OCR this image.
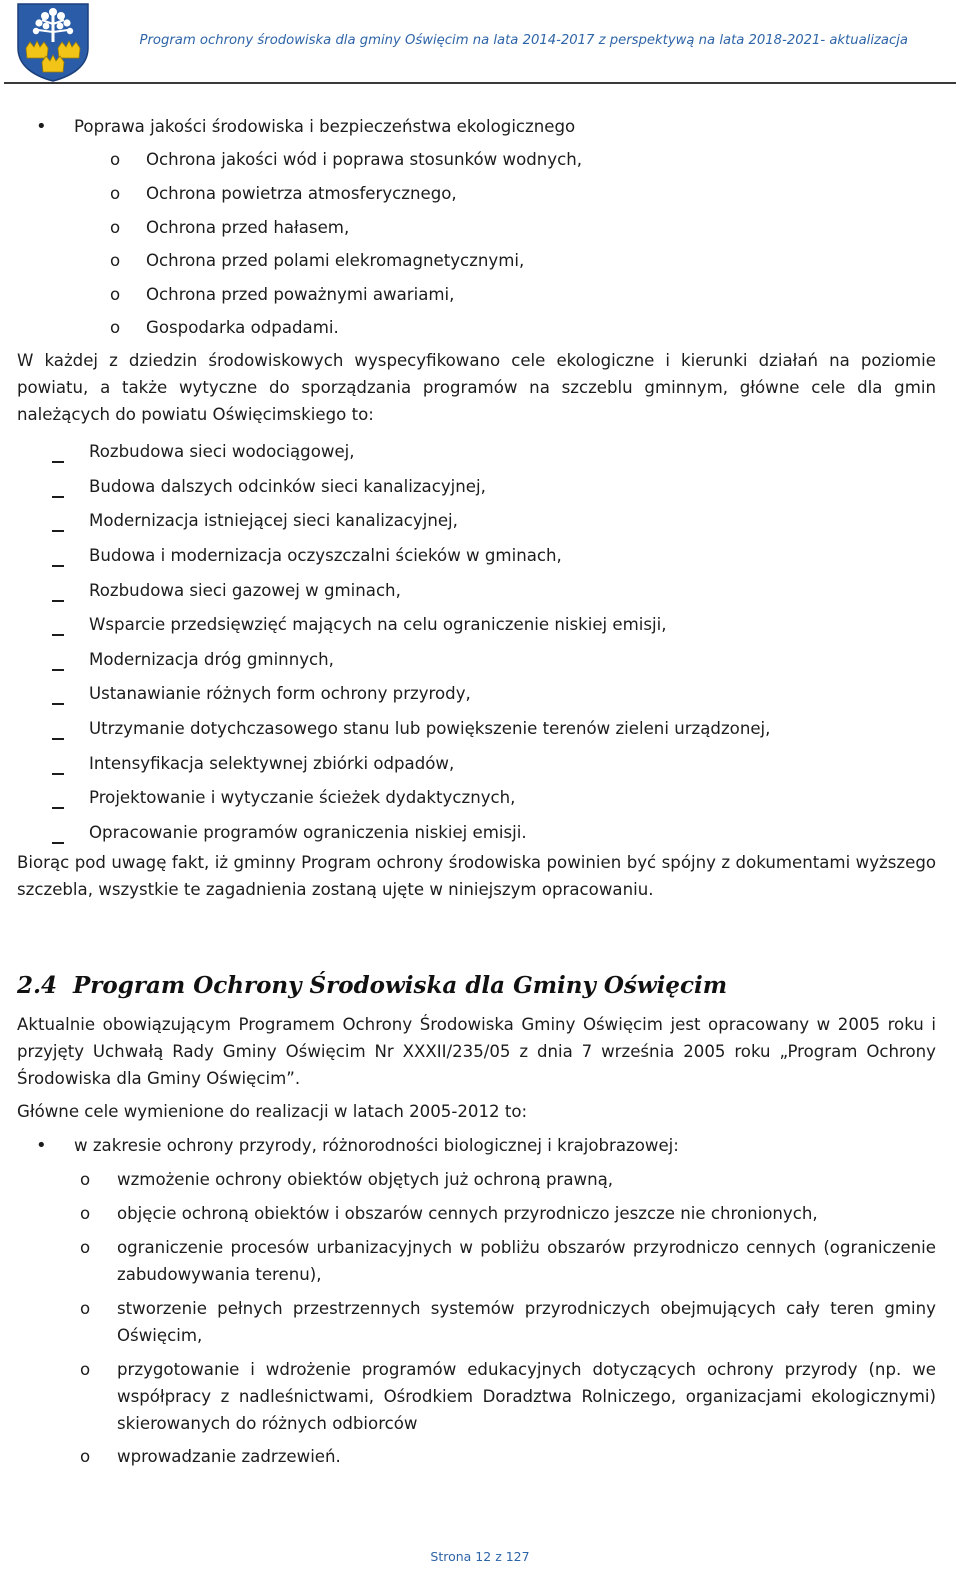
Program ochrony środowiska dla gminy Oświęcim na lata 2014-2017 z perspektywą na lata 2018-2021- aktualizacja
• Poprawa jakości środowiska i bezpieczeństwa ekologicznego
o Ochrona jakości wód i poprawa stosunków wodnych,
o Ochrona powietrza atmosferycznego,
o Ochrona przed hałasem,
o Ochrona przed polami elekromagnetycznymi,
o Ochrona przed poważnymi awariami,
o Gospodarka odpadami.
W każdej z dziedzin środowiskowych wyspecyfikowano cele ekologiczne i kierunki działań na poziomie powiatu, a także wytyczne do sporządzania programów na szczeblu gminnym, główne cele dla gmin należących do powiatu Oświęcimskiego to:
Rozbudowa sieci wodociągowej,
Budowa dalszych odcinków sieci kanalizacyjnej,
Modernizacja istniejącej sieci kanalizacyjnej,
Budowa i modernizacja oczyszczalni ścieków w gminach,
Rozbudowa sieci gazowej w gminach,
Wsparcie przedsięwzięć mających na celu ograniczenie niskiej emisji,
Modernizacja dróg gminnych,
Ustanawianie różnych form ochrony przyrody,
Utrzymanie dotychczasowego stanu lub powiększenie terenów zieleni urządzonej,
Intensyfikacja selektywnej zbiórki odpadów,
Projektowanie i wytyczanie ścieżek dydaktycznych,
Opracowanie programów ograniczenia niskiej emisji.
Biorąc pod uwagę fakt, iż gminny Program ochrony środowiska powinien być spójny z dokumentami wyższego szczebla, wszystkie te zagadnienia zostaną ujęte w niniejszym opracowaniu.
2.4 Program Ochrony Środowiska dla Gminy Oświęcim
Aktualnie obowiązującym Programem Ochrony Środowiska Gminy Oświęcim jest opracowany w 2005 roku i przyjęty Uchwałą Rady Gminy Oświęcim Nr XXXII/235/05 z dnia 7 września 2005 roku „Program Ochrony Środowiska dla Gminy Oświęcim”.
Główne cele wymienione do realizacji w latach 2005-2012 to:
• w zakresie ochrony przyrody, różnorodności biologicznej i krajobrazowej:
o wzmożenie ochrony obiektów objętych już ochroną prawną,
o objęcie ochroną obiektów i obszarów cennych przyrodniczo jeszcze nie chronionych,
o ograniczenie procesów urbanizacyjnych w pobliżu obszarów przyrodniczo cennych (ograniczenie zabudowywania terenu),
o stworzenie pełnych przestrzennych systemów przyrodniczych obejmujących cały teren gminy Oświęcim,
o przygotowanie i wdrożenie programów edukacyjnych dotyczących ochrony przyrody (np. we współpracy z nadleśnictwami, Ośrodkiem Doradztwa Rolniczego, organizacjami ekologicznymi) skierowanych do różnych odbiorców
o wprowadzanie zadrzewień.
Strona 12 z 127
